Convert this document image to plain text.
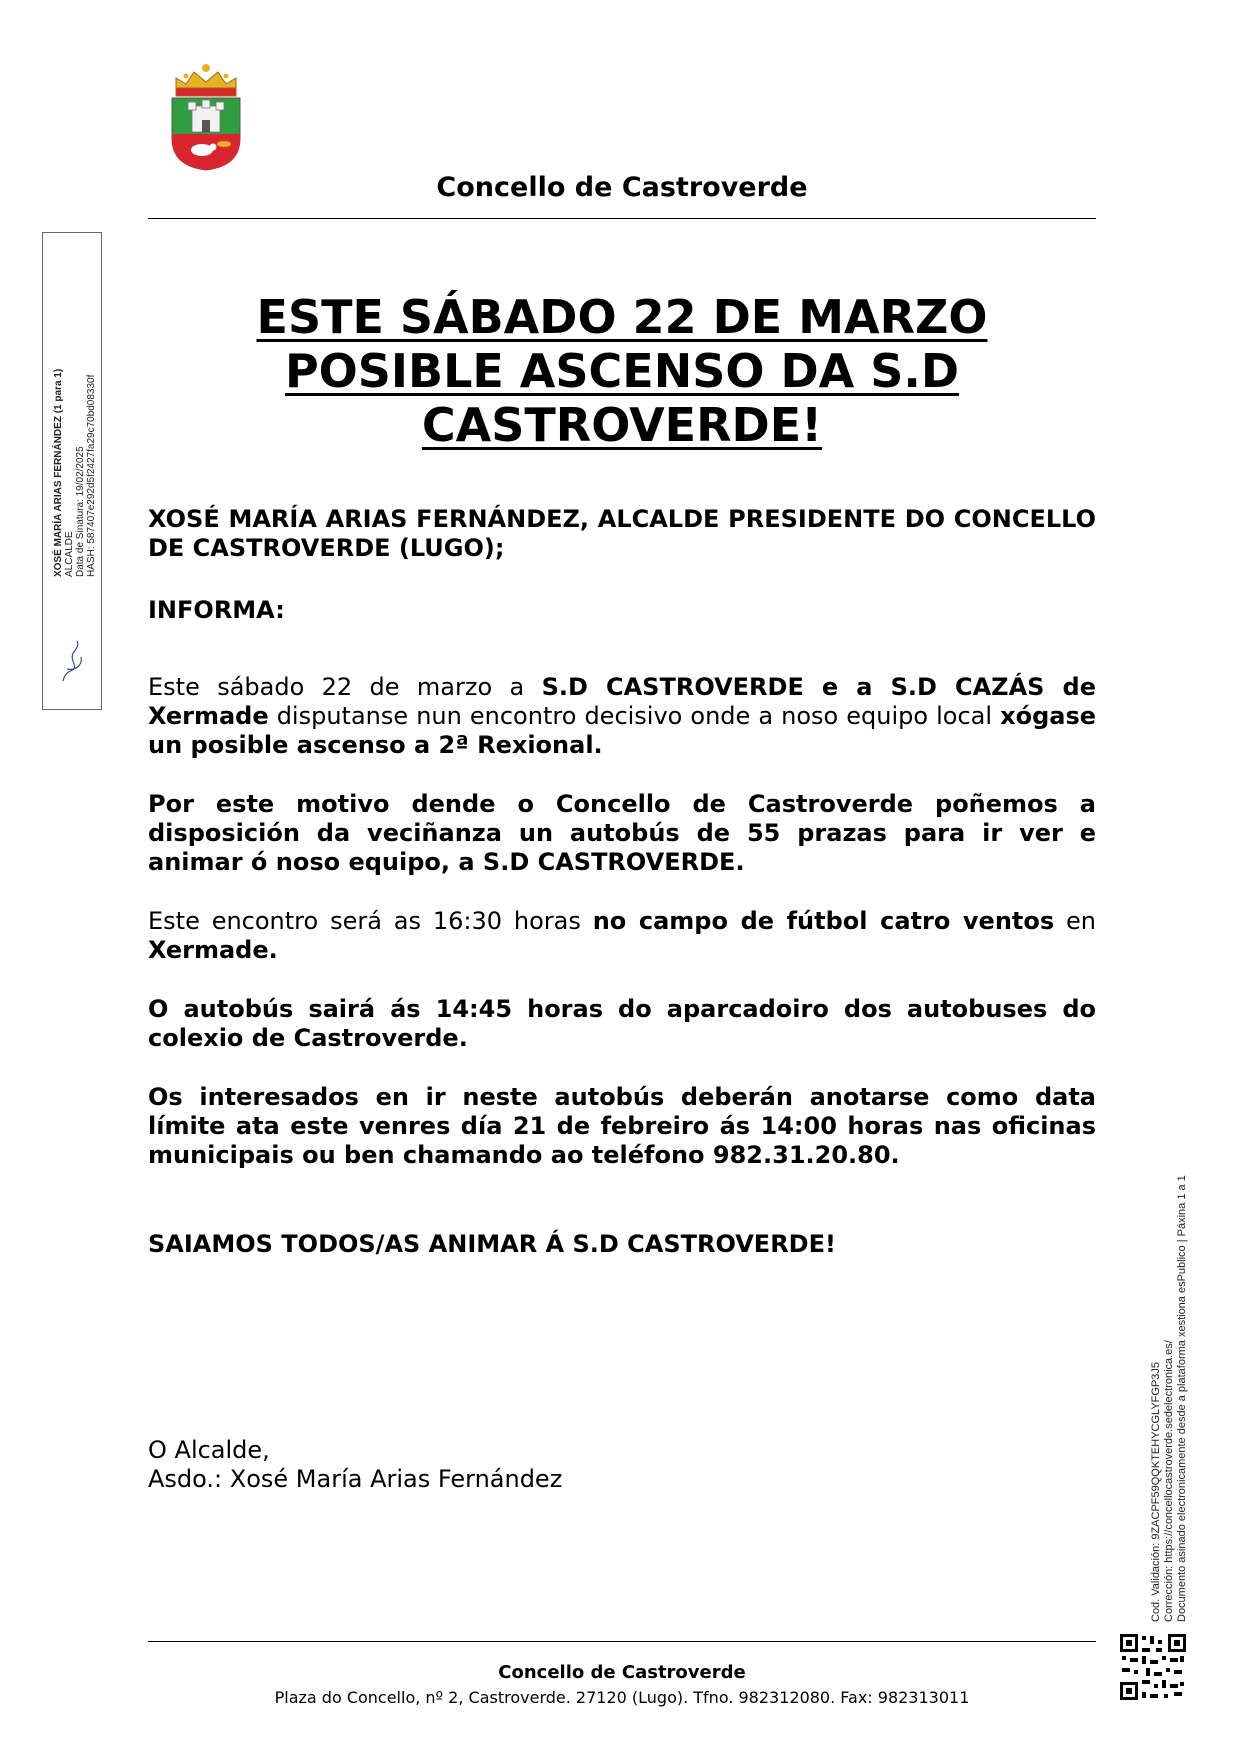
Concello de Castroverde
XOSÉ MARÍA ARIAS FERNÁNDEZ (1 para 1) ALCALDE Data de Sinatura: 19/02/2025 HASH: 587407e292d5f2427fa29c70bd08330f
ESTE SÁBADO 22 DE MARZO
POSIBLE ASCENSO DA S.D
CASTROVERDE!
XOSÉ MARÍA ARIAS FERNÁNDEZ, ALCALDE PRESIDENTE DO CONCELLO DE CASTROVERDE (LUGO);
INFORMA:

Este sábado 22 de marzo a S.D CASTROVERDE e a S.D CAZÁS de Xermade disputanse nun encontro decisivo onde a noso equipo local xógase un posible ascenso a 2ª Rexional.

Por este motivo dende o Concello de Castroverde poñemos a disposición da veciñanza un autobús de 55 prazas para ir ver e animar ó noso equipo, a S.D CASTROVERDE.

Este encontro será as 16:30 horas no campo de fútbol catro ventos en Xermade.

O autobús sairá ás 14:45 horas do aparcadoiro dos autobuses do colexio de Castroverde.
Os interesados en ir neste autobús deberán anotarse como data límite ata este venres día 21 de febreiro ás 14:00 horas nas oficinas municipais ou ben chamando ao teléfono 982.31.20.80.
SAIAMOS TODOS/AS ANIMAR Á S.D CASTROVERDE!
O Alcalde,
Asdo.: Xosé María Arias Fernández	Cod. Validación: 9ZACPF59QQKTEHYCGLYFGP3J5 Corrección: https://concellocastroverde.sedelectronica.es/ Documento asinado electronicamente desde a plataforma xestiona esPublico | Páxina 1 a 1
Concello de Castroverde
Plaza do Concello, nº 2, Castroverde. 27120 (Lugo). Tfno. 982312080. Fax: 982313011
